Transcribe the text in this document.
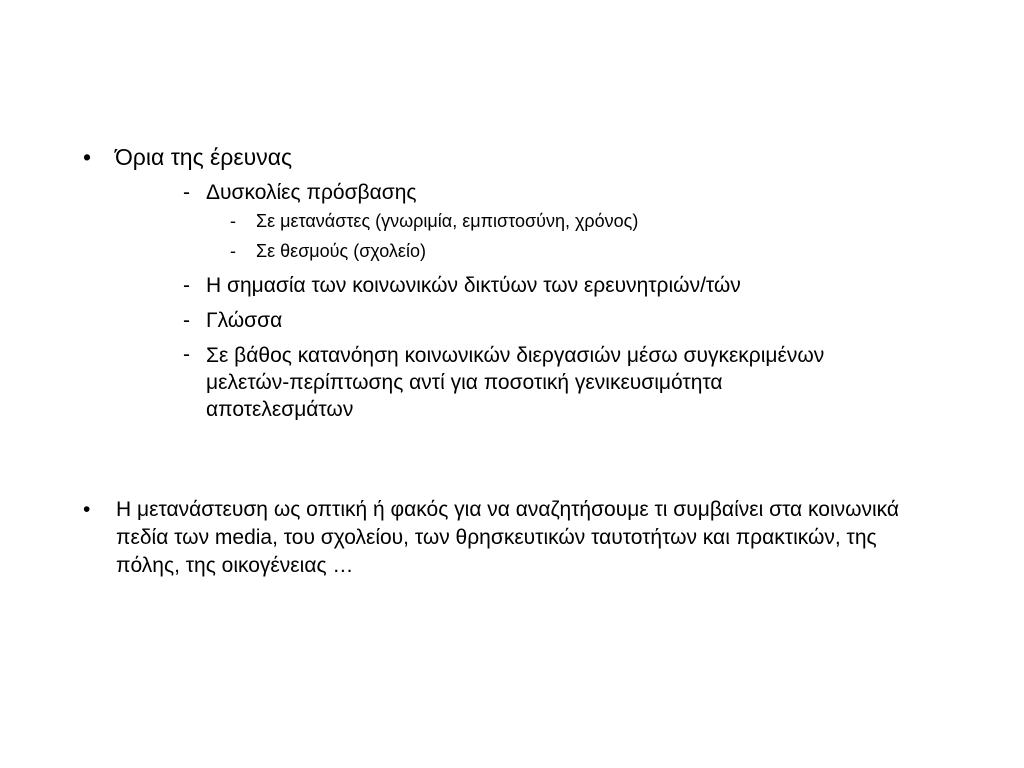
•	Όρια της έρευνας
- Δυσκολίες πρόσβασης
-	Σε μετανάστες (γνωριμία, εμπιστοσύνη, χρόνος)
-	Σε θεσμούς (σχολείο)
- Η σημασία των κοινωνικών δικτύων των ερευνητριών/τών
- Γλώσσα
- Σε βάθος κατανόηση κοινωνικών διεργασιών μέσω συγκεκριμένων μελετών-περίπτωσης αντί για ποσοτική γενικευσιμότητα αποτελεσμάτων
•	Η μετανάστευση ως οπτική ή φακός για να αναζητήσουμε τι συμβαίνει στα κοινωνικά πεδία των media, του σχολείου, των θρησκευτικών ταυτοτήτων και πρακτικών, της πόλης, της οικογένειας …
